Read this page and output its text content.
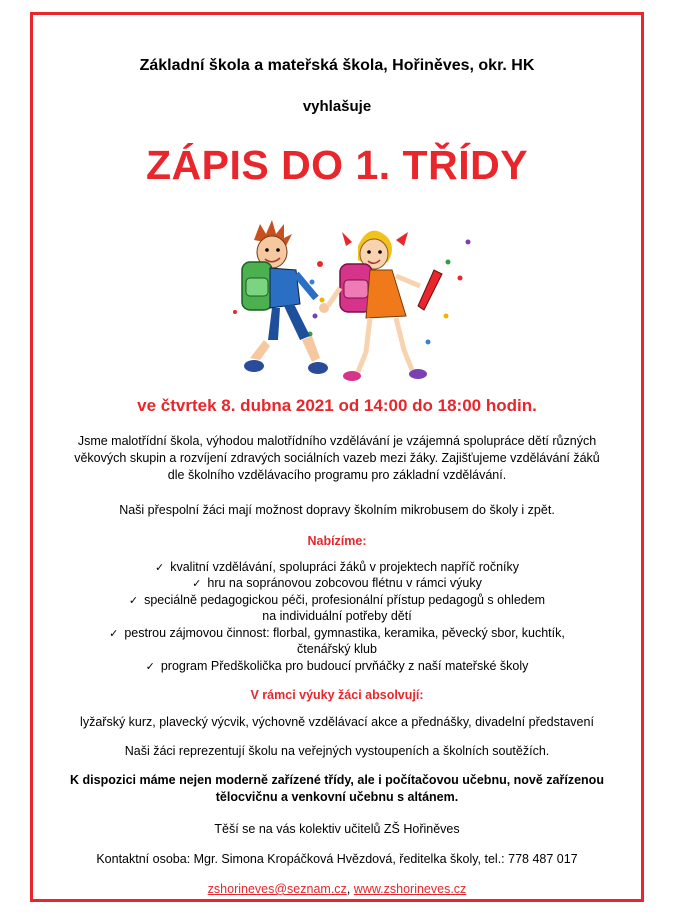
Základní škola a mateřská škola, Hořiněves, okr. HK

vyhlašuje

ZÁPIS DO 1. TŘÍDY

ve čtvrtek 8. dubna 2021 od 14:00 do 18:00 hodin.

Jsme malotřídní škola, výhodou malotřídního vzdělávání je vzájemná spolupráce dětí různých

věkových skupin a rozvíjení zdravých sociálních vazeb mezi žáky. Zajišťujeme vzdělávání žáků

dle školního vzdělávacího programu pro základní vzdělávání.

Naši přespolní žáci mají možnost dopravy školním mikrobusem do školy i zpět.

Nabízíme:

✓ kvalitní vzdělávání, spolupráci žáků v projektech napříč ročníky

✓ hru na sopránovou zobcovou flétnu v rámci výuky

✓ speciálně pedagogickou péči, profesionální přístup pedagogů s ohledem

na individuální potřeby dětí

✓ pestrou zájmovou činnost: florbal, gymnastika, keramika, pěvecký sbor, kuchtík,

čtenářský klub

✓ program Předškolička pro budoucí prvňáčky z naší mateřské školy

V rámci výuky žáci absolvují:

lyžařský kurz, plavecký výcvik, výchovně vzdělávací akce a přednášky, divadelní představení

Naši žáci reprezentují školu na veřejných vystoupeních a školních soutěžích.

K dispozici máme nejen moderně zařízené třídy, ale i počítačovou učebnu, nově zařízenou

tělocvičnu a venkovní učebnu s altánem.

Těší se na vás kolektiv učitelů ZŠ Hořiněves

Kontaktní osoba: Mgr. Simona Kropáčková Hvězdová, ředitelka školy, tel.: 778 487 017

zshorineves@seznam.cz, www.zshorineves.cz
